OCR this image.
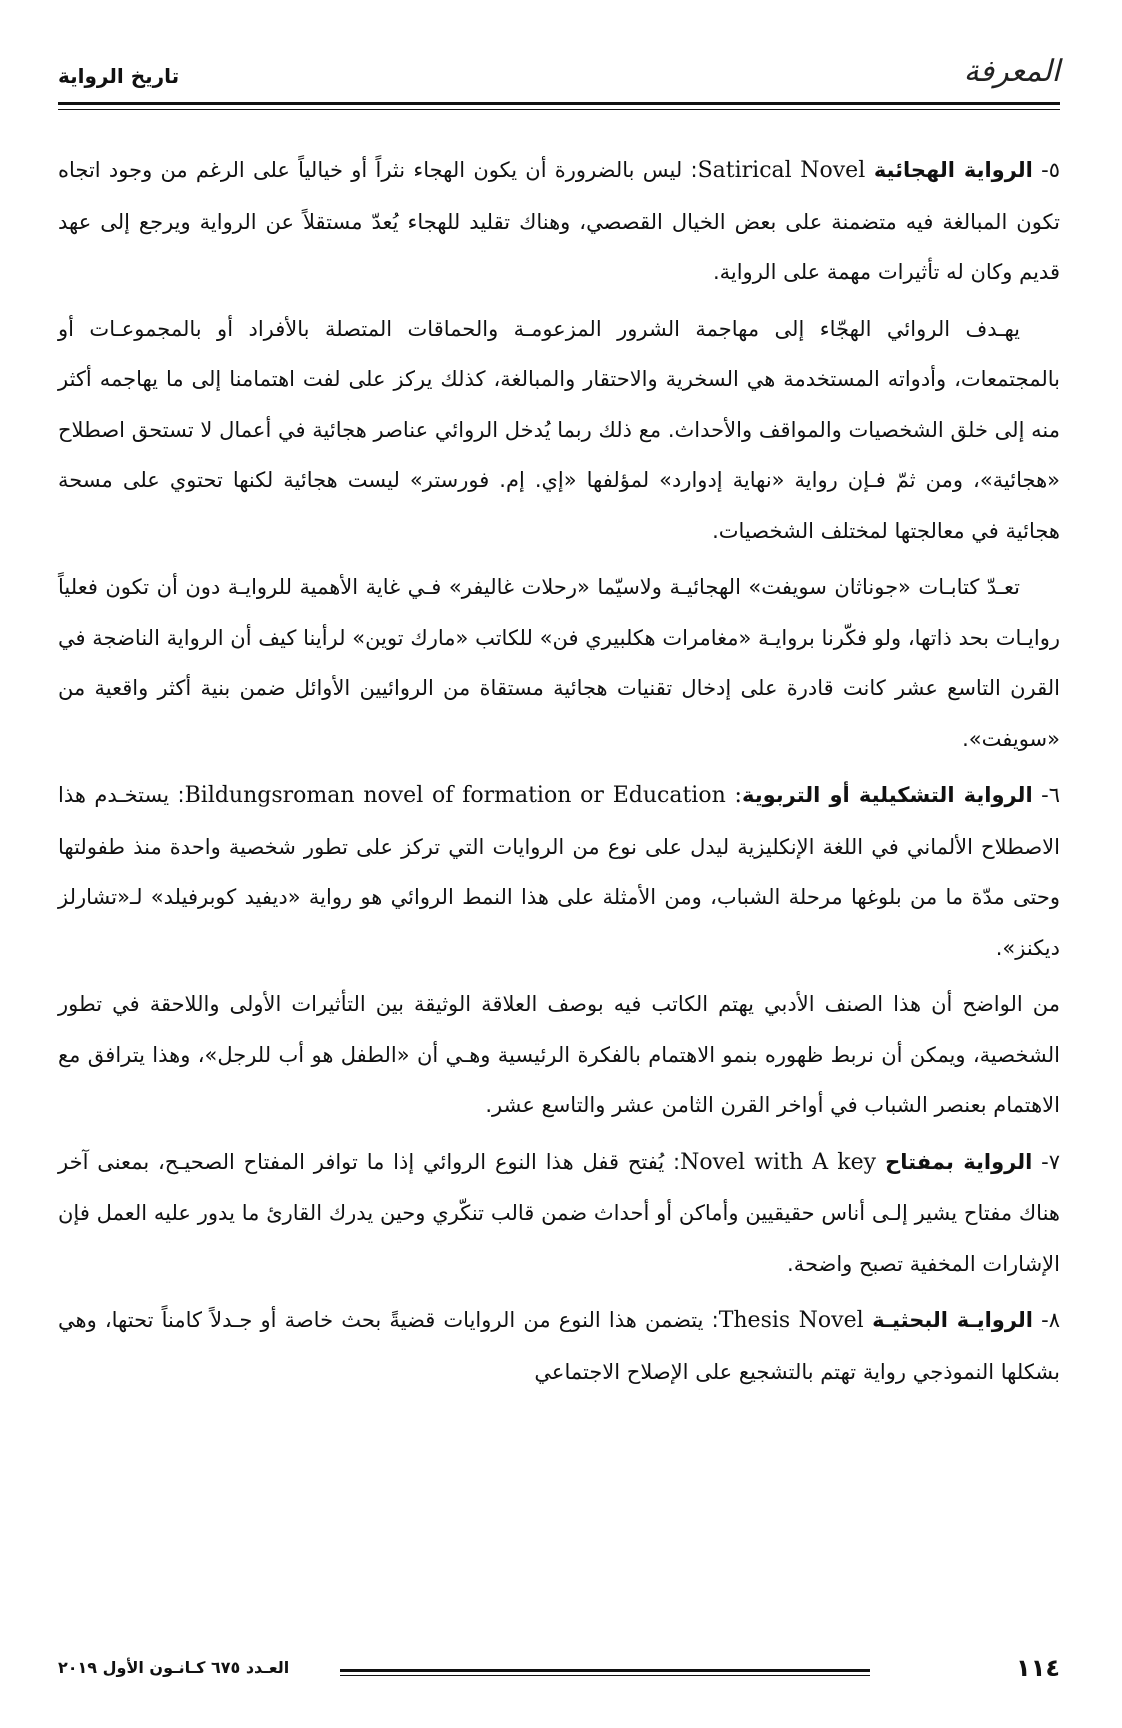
المعرفة
تاريخ الرواية

٥- الرواية الهجائية Satirical Novel: ليس بالضرورة أن يكون الهجاء نثراً أو خيالياً على الرغم من وجود اتجاه تكون المبالغة فيه متضمنة على بعض الخيال القصصي، وهناك تقليد للهجاء يُعدّ مستقلاً عن الرواية ويرجع إلى عهد قديم وكان له تأثيرات مهمة على الرواية.

يهـدف الروائي الهجّاء إلى مهاجمة الشرور المزعومـة والحماقات المتصلة بالأفراد أو بالمجموعـات أو بالمجتمعات، وأدواته المستخدمة هي السخرية والاحتقار والمبالغة، كذلك يركز على لفت اهتمامنا إلى ما يهاجمه أكثر منه إلى خلق الشخصيات والمواقف والأحداث. مع ذلك ربما يُدخل الروائي عناصر هجائية في أعمال لا تستحق اصطلاح «هجائية»، ومن ثمّ فـإن رواية «نهاية إدوارد» لمؤلفها «إي. إم. فورستر» ليست هجائية لكنها تحتوي على مسحة هجائية في معالجتها لمختلف الشخصيات.

تعـدّ كتابـات «جوناثان سويفت» الهجائيـة ولاسيّما «رحلات غاليفر» فـي غاية الأهمية للروايـة دون أن تكون فعلياً روايـات بحد ذاتها، ولو فكّرنا بروايـة «مغامرات هكلبيري فن» للكاتب «مارك توين» لرأينا كيف أن الرواية الناضجة في القرن التاسع عشر كانت قادرة على إدخال تقنيات هجائية مستقاة من الروائيين الأوائل ضمن بنية أكثر واقعية من «سويفت».

٦- الرواية التشكيلية أو التربوية: Bildungsroman novel of formation or Education: يستخـدم هذا الاصطلاح الألماني في اللغة الإنكليزية ليدل على نوع من الروايات التي تركز على تطور شخصية واحدة منذ طفولتها وحتى مدّة ما من بلوغها مرحلة الشباب، ومن الأمثلة على هذا النمط الروائي هو رواية «ديفيد كوبرفيلد» لـ«تشارلز ديكنز».

من الواضح أن هذا الصنف الأدبي يهتم الكاتب فيه بوصف العلاقة الوثيقة بين التأثيرات الأولى واللاحقة في تطور الشخصية، ويمكن أن نربط ظهوره بنمو الاهتمام بالفكرة الرئيسية وهـي أن «الطفل هو أب للرجل»، وهذا يترافق مع الاهتمام بعنصر الشباب في أواخر القرن الثامن عشر والتاسع عشر.

٧- الرواية بمفتاح Novel with A key: يُفتح قفل هذا النوع الروائي إذا ما توافر المفتاح الصحيـح، بمعنى آخر هناك مفتاح يشير إلـى أناس حقيقيين وأماكن أو أحداث ضمن قالب تنكّري وحين يدرك القارئ ما يدور عليه العمل فإن الإشارات المخفية تصبح واضحة.

٨- الروايـة البحثيـة Thesis Novel: يتضمن هذا النوع من الروايات قضيةً بحث خاصة أو جـدلاً كامناً تحتها، وهي بشكلها النموذجي رواية تهتم بالتشجيع على الإصلاح الاجتماعي

١١٤
العـدد ٦٧٥ كـانـون الأول ٢٠١٩
